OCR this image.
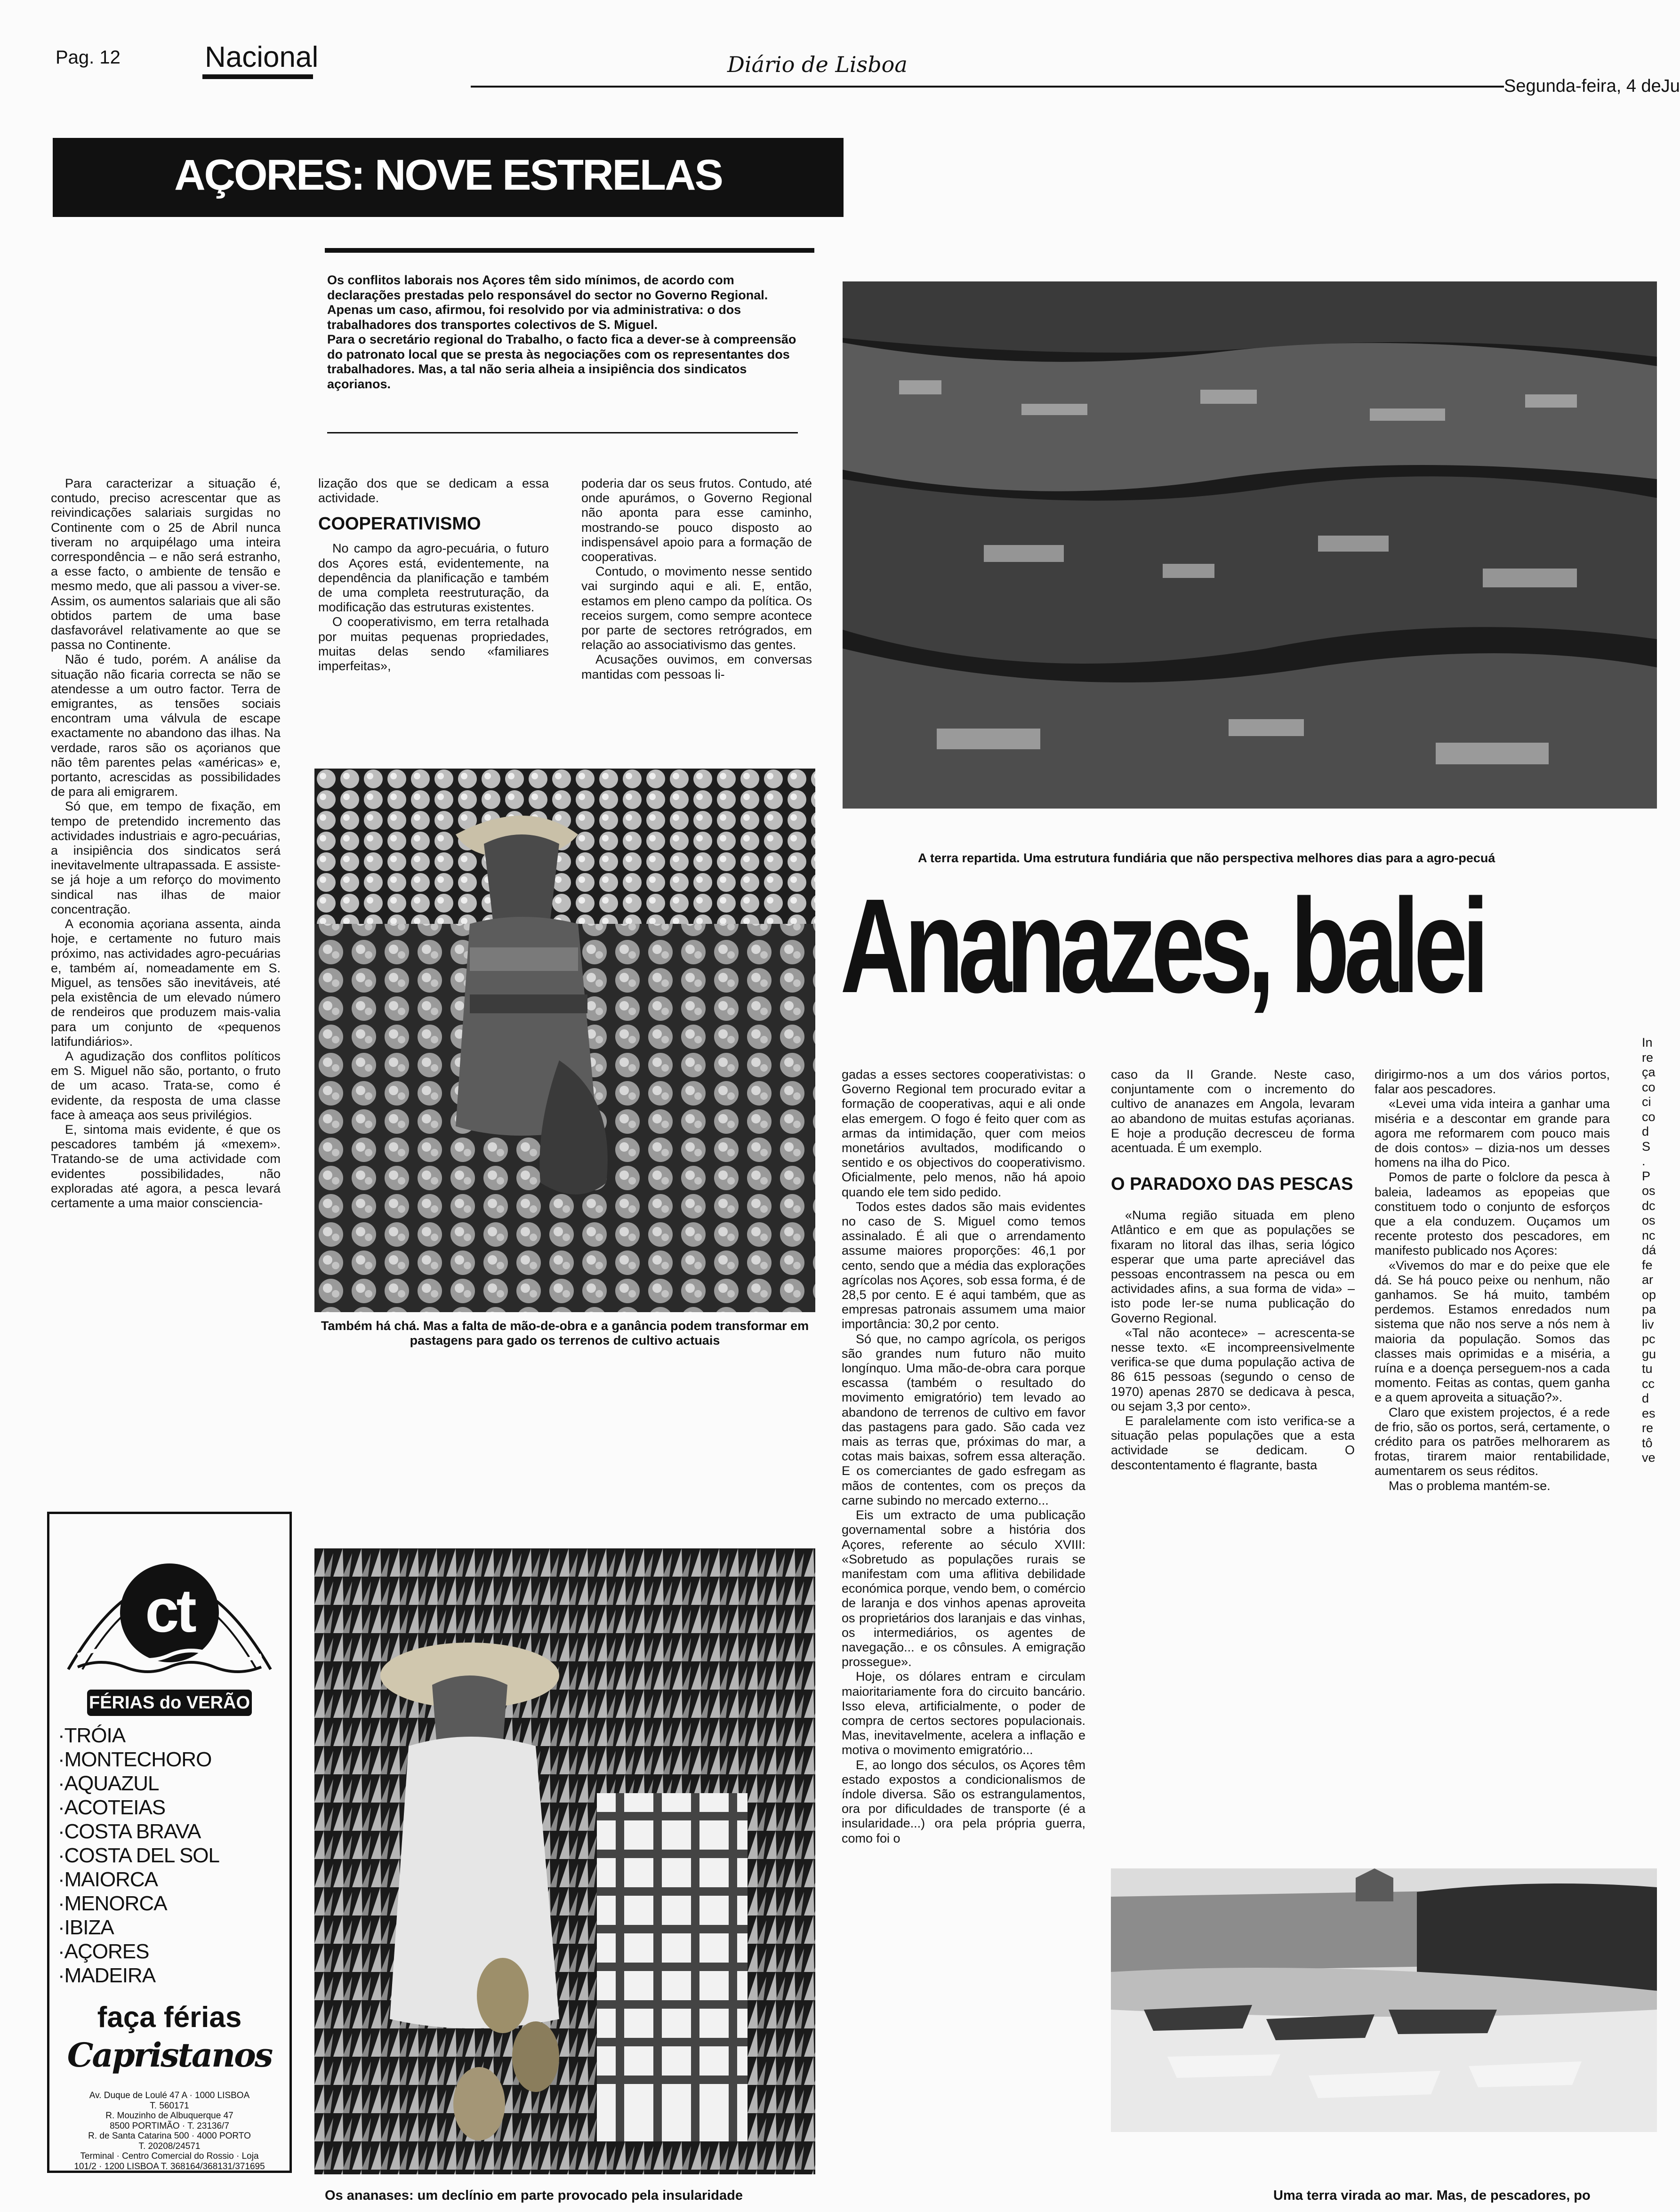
Pag. 12	Nacional	Diário de Lisboa
Segunda-feira, 4 deJu
AÇORES: NOVE ESTRELAS
Os conflitos laborais nos Açores têm sido mínimos, de acordo com declarações prestadas pelo responsável do sector no Governo Regional. Apenas um caso, afirmou, foi resolvido por via administrativa: o dos trabalhadores dos transportes colectivos de S. Miguel.
Para o secretário regional do Trabalho, o facto fica a dever-se à compreensão do patronato local que se presta às negociações com os representantes dos trabalhadores. Mas, a tal não seria alheia a insipiência dos sindicatos açorianos.

Para caracterizar a situação é, contudo, preciso acrescentar que as reivindicações salariais surgidas no Continente com o 25 de Abril nunca tiveram no arquipélago uma inteira correspondência – e não será estranho, a esse facto, o ambiente de tensão e mesmo medo, que ali passou a viver-se. Assim, os aumentos salariais que ali são obtidos partem de uma base dasfavorável relativamente ao que se passa no Continente.

Não é tudo, porém. A análise da situação não ficaria correcta se não se atendesse a um outro factor. Terra de emigrantes, as tensões sociais encontram uma válvula de escape exactamente no abandono das ilhas. Na verdade, raros são os açorianos que não têm parentes pelas «américas» e, portanto, acrescidas as possibilidades de para ali emigrarem.

Só que, em tempo de fixação, em tempo de pretendido incremento das actividades industriais e agro-pecuárias, a insipiência dos sindicatos será inevitavelmente ultrapassada. E assiste-se já hoje a um reforço do movimento sindical nas ilhas de maior concentração.

A economia açoriana assenta, ainda hoje, e certamente no futuro mais próximo, nas actividades agro-pecuárias e, também aí, nomeadamente em S. Miguel, as tensões são inevitáveis, até pela existência de um elevado número de rendeiros que produzem mais-valia para um conjunto de «pequenos latifundiários».

A agudização dos conflitos políticos em S. Miguel não são, portanto, o fruto de um acaso. Trata-se, como é evidente, da resposta de uma classe face à ameaça aos seus privilégios.

E, sintoma mais evidente, é que os pescadores também já «mexem». Tratando-se de uma actividade com evidentes possibilidades, não exploradas até agora, a pesca levará certamente a uma maior consciencia-

lização dos que se dedicam a essa actividade.
COOPERATIVISMO

No campo da agro-pecuária, o futuro dos Açores está, evidentemente, na dependência da planificação e também de uma completa reestruturação, da modificação das estruturas existentes.

O cooperativismo, em terra retalhada por muitas pequenas propriedades, muitas delas sendo «familiares imperfeitas»,

poderia dar os seus frutos. Contudo, até onde apurámos, o Governo Regional não aponta para esse caminho, mostrando-se pouco disposto ao indispensável apoio para a formação de cooperativas.

Contudo, o movimento nesse sentido vai surgindo aqui e ali. E, então, estamos em pleno campo da política. Os receios surgem, como sempre acontece por parte de sectores retrógrados, em relação ao associativismo das gentes.

Acusações ouvimos, em conversas mantidas com pessoas li-

Também há chá. Mas a falta de mão-de-obra e a ganância podem transformar em pastagens para gado os terrenos de cultivo actuais
Os ananases: um declínio em parte provocado pela insularidade
A terra repartida. Uma estrutura fundiária que não perspectiva melhores dias para a agro-pecuá
Ananazes, balei
gadas a esses sectores cooperativistas: o Governo Regional tem procurado evitar a formação de cooperativas, aqui e ali onde elas emergem. O fogo é feito quer com as armas da intimidação, quer com meios monetários avultados, modificando o sentido e os objectivos do cooperativismo. Oficialmente, pelo menos, não há apoio quando ele tem sido pedido.

Todos estes dados são mais evidentes no caso de S. Miguel como temos assinalado. É ali que o arrendamento assume maiores proporções: 46,1 por cento, sendo que a média das explorações agrícolas nos Açores, sob essa forma, é de 28,5 por cento. E é aqui também, que as empresas patronais assumem uma maior importância: 30,2 por cento.

Só que, no campo agrícola, os perigos são grandes num futuro não muito longínquo. Uma mão-de-obra cara porque escassa (também o resultado do movimento emigratório) tem levado ao abandono de terrenos de cultivo em favor das pastagens para gado. São cada vez mais as terras que, próximas do mar, a cotas mais baixas, sofrem essa alteração. E os comerciantes de gado esfregam as mãos de contentes, com os preços da carne subindo no mercado externo...

Eis um extracto de uma publicação governamental sobre a história dos Açores, referente ao século XVIII: «Sobretudo as populações rurais se manifestam com uma aflitiva debilidade económica porque, vendo bem, o comércio de laranja e dos vinhos apenas aproveita os proprietários dos laranjais e das vinhas, os intermediários, os agentes de navegação... e os cônsules. A emigração prossegue».

Hoje, os dólares entram e circulam maioritariamente fora do circuito bancário. Isso eleva, artificialmente, o poder de compra de certos sectores populacionais. Mas, inevitavelmente, acelera a inflação e motiva o movimento emigratório...

E, ao longo dos séculos, os Açores têm estado expostos a condicionalismos de índole diversa. São os estrangulamentos, ora por dificuldades de transporte (é a insularidade...) ora pela própria guerra, como foi o

caso da II Grande. Neste caso, conjuntamente com o incremento do cultivo de ananazes em Angola, levaram ao abandono de muitas estufas açorianas. E hoje a produção decresceu de forma acentuada. É um exemplo.
O PARADOXO DAS PESCAS

«Numa região situada em pleno Atlântico e em que as populações se fixaram no litoral das ilhas, seria lógico esperar que uma parte apreciável das pessoas encontrassem na pesca ou em actividades afins, a sua forma de vida» – isto pode ler-se numa publicação do Governo Regional.

«Tal não acontece» – acrescenta-se nesse texto. «E incompreensivelmente verifica-se que duma população activa de 86 615 pessoas (segundo o censo de 1970) apenas 2870 se dedicava à pesca, ou sejam 3,3 por cento».

E paralelamente com isto verifica-se a situação pelas populações que a esta actividade se dedicam. O descontentamento é flagrante, basta

dirigirmo-nos a um dos vários portos, falar aos pescadores.

«Levei uma vida inteira a ganhar uma miséria e a descontar em grande para agora me reformarem com pouco mais de dois contos» – dizia-nos um desses homens na ilha do Pico.

Pomos de parte o folclore da pesca à baleia, ladeamos as epopeias que constituem todo o conjunto de esforços que a ela conduzem. Ouçamos um recente protesto dos pescadores, em manifesto publicado nos Açores:

«Vivemos do mar e do peixe que ele dá. Se há pouco peixe ou nenhum, não ganhamos. Se há muito, também perdemos. Estamos enredados num sistema que não nos serve a nós nem à maioria da população. Somos das classes mais oprimidas e a miséria, a ruína e a doença perseguem-nos a cada momento. Feitas as contas, quem ganha e a quem aproveita a situação?».

Claro que existem projectos, é a rede de frio, são os portos, será, certamente, o crédito para os patrões melhorarem as frotas, tirarem maior rentabilidade, aumentarem os seus réditos.

Mas o problema mantém-se.

In
re
ça
co
ci
co
d
S
.
P
os
dc
os
nc
dá
fe
ar
op
pa
liv
pc
gu
tu
cc
d
es
re
tô
ve
Uma terra virada ao mar. Mas, de pescadores, po
ct
FÉRIAS do VERÃO
·TRÓIA
·MONTECHORO
·AQUAZUL
·ACOTEIAS
·COSTA BRAVA
·COSTA DEL SOL
·MAIORCA
·MENORCA
·IBIZA
·AÇORES
·MADEIRA
faça férias
Capristanos
Av. Duque de Loulé 47 A · 1000 LISBOA
T. 560171
R. Mouzinho de Albuquerque 47
8500 PORTIMÃO · T. 23136/7
R. de Santa Catarina 500 · 4000 PORTO
T. 20208/24571
Terminal · Centro Comercial do Rossio · Loja
101/2 · 1200 LISBOA T. 368164/368131/371695
